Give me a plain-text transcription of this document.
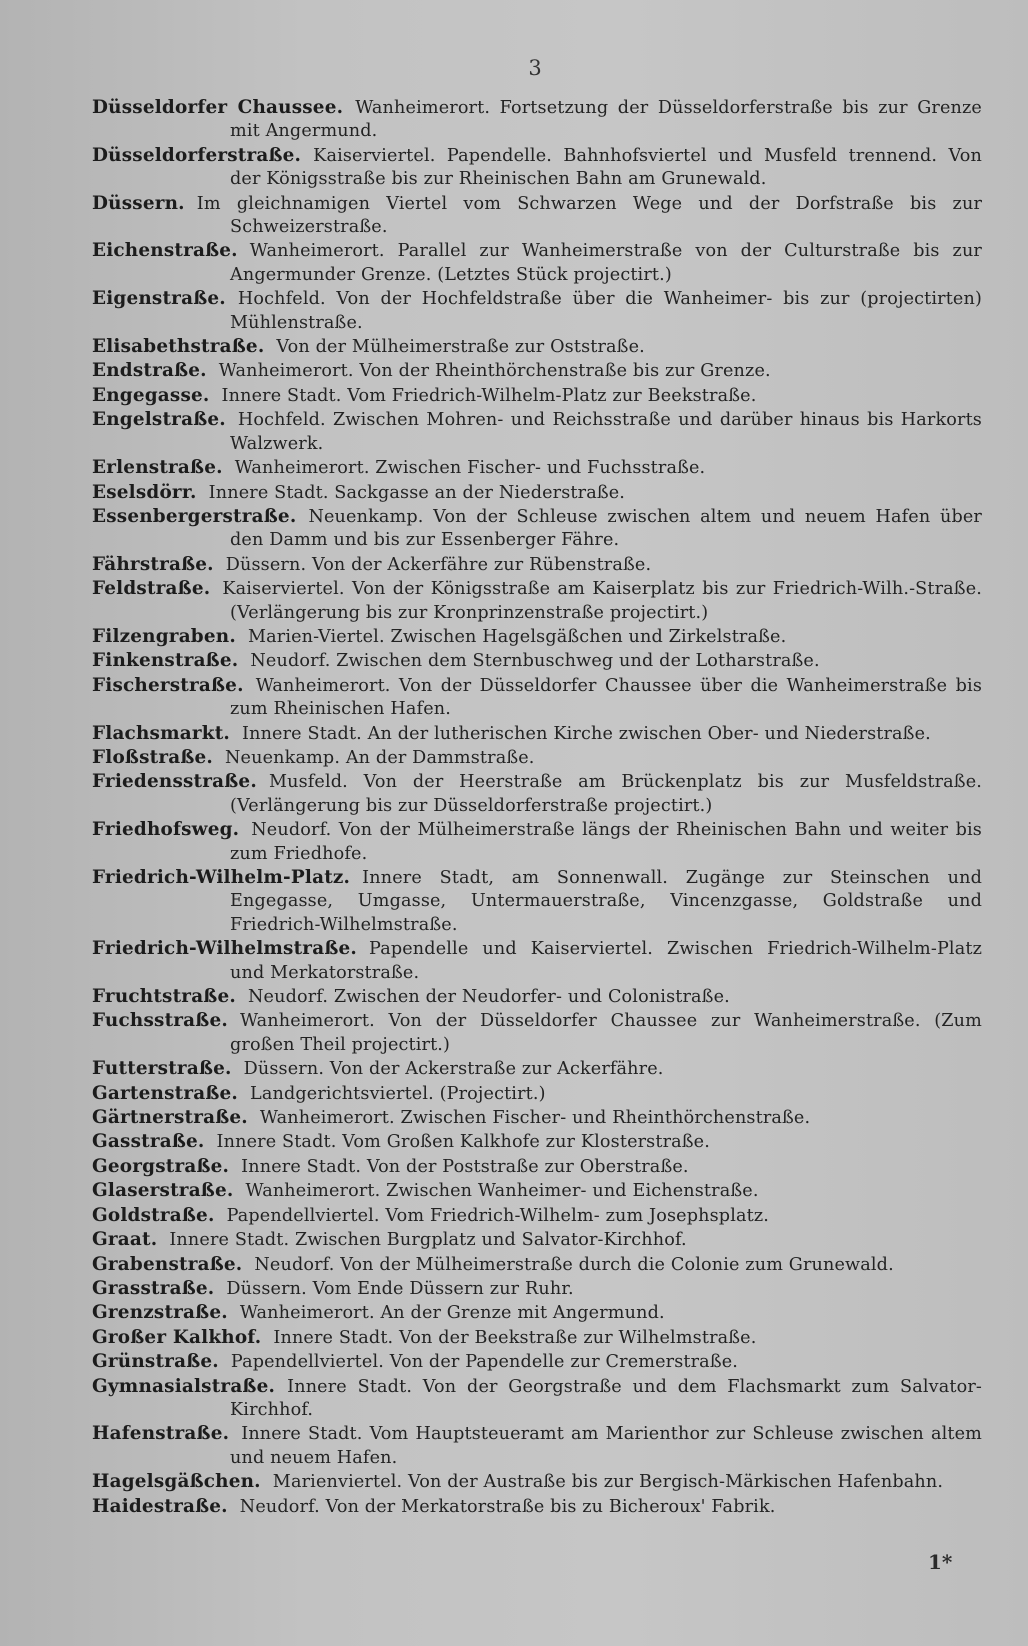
3

Düsseldorfer Chaussee. Wanheimerort. Fortsetzung der Düsseldorferstraße bis zur Grenze mit Angermund.

Düsseldorferstraße. Kaiserviertel. Papendelle. Bahnhofsviertel und Musfeld trennend. Von der Königsstraße bis zur Rheinischen Bahn am Grunewald.

Düssern. Im gleichnamigen Viertel vom Schwarzen Wege und der Dorfstraße bis zur Schweizerstraße.

Eichenstraße. Wanheimerort. Parallel zur Wanheimerstraße von der Culturstraße bis zur Angermunder Grenze. (Letztes Stück projectirt.)

Eigenstraße. Hochfeld. Von der Hochfeldstraße über die Wanheimer- bis zur (projectirten) Mühlenstraße.

Elisabethstraße. Von der Mülheimerstraße zur Oststraße.

Endstraße. Wanheimerort. Von der Rheinthörchenstraße bis zur Grenze.

Engegasse. Innere Stadt. Vom Friedrich-Wilhelm-Platz zur Beekstraße.

Engelstraße. Hochfeld. Zwischen Mohren- und Reichsstraße und darüber hinaus bis Harkorts Walzwerk.

Erlenstraße. Wanheimerort. Zwischen Fischer- und Fuchsstraße.

Eselsdörr. Innere Stadt. Sackgasse an der Niederstraße.

Essenbergerstraße. Neuenkamp. Von der Schleuse zwischen altem und neuem Hafen über den Damm und bis zur Essenberger Fähre.

Fährstraße. Düssern. Von der Ackerfähre zur Rübenstraße.

Feldstraße. Kaiserviertel. Von der Königsstraße am Kaiserplatz bis zur Friedrich-Wilh.-Straße. (Verlängerung bis zur Kronprinzenstraße projectirt.)

Filzengraben. Marien-Viertel. Zwischen Hagelsgäßchen und Zirkelstraße.

Finkenstraße. Neudorf. Zwischen dem Sternbuschweg und der Lotharstraße.

Fischerstraße. Wanheimerort. Von der Düsseldorfer Chaussee über die Wanheimerstraße bis zum Rheinischen Hafen.

Flachsmarkt. Innere Stadt. An der lutherischen Kirche zwischen Ober- und Niederstraße.

Floßstraße. Neuenkamp. An der Dammstraße.

Friedensstraße. Musfeld. Von der Heerstraße am Brückenplatz bis zur Musfeldstraße. (Verlängerung bis zur Düsseldorferstraße projectirt.)

Friedhofsweg. Neudorf. Von der Mülheimerstraße längs der Rheinischen Bahn und weiter bis zum Friedhofe.

Friedrich-Wilhelm-Platz. Innere Stadt, am Sonnenwall. Zugänge zur Steinschen und Engegasse, Umgasse, Untermauerstraße, Vincenzgasse, Goldstraße und Friedrich-Wilhelmstraße.

Friedrich-Wilhelmstraße. Papendelle und Kaiserviertel. Zwischen Friedrich-Wilhelm-Platz und Merkatorstraße.

Fruchtstraße. Neudorf. Zwischen der Neudorfer- und Colonistraße.

Fuchsstraße. Wanheimerort. Von der Düsseldorfer Chaussee zur Wanheimerstraße. (Zum großen Theil projectirt.)

Futterstraße. Düssern. Von der Ackerstraße zur Ackerfähre.

Gartenstraße. Landgerichtsviertel. (Projectirt.)

Gärtnerstraße. Wanheimerort. Zwischen Fischer- und Rheinthörchenstraße.

Gasstraße. Innere Stadt. Vom Großen Kalkhofe zur Klosterstraße.

Georgstraße. Innere Stadt. Von der Poststraße zur Oberstraße.

Glaserstraße. Wanheimerort. Zwischen Wanheimer- und Eichenstraße.

Goldstraße. Papendellviertel. Vom Friedrich-Wilhelm- zum Josephsplatz.

Graat. Innere Stadt. Zwischen Burgplatz und Salvator-Kirchhof.

Grabenstraße. Neudorf. Von der Mülheimerstraße durch die Colonie zum Grunewald.

Grasstraße. Düssern. Vom Ende Düssern zur Ruhr.

Grenzstraße. Wanheimerort. An der Grenze mit Angermund.

Großer Kalkhof. Innere Stadt. Von der Beekstraße zur Wilhelmstraße.

Grünstraße. Papendellviertel. Von der Papendelle zur Cremerstraße.

Gymnasialstraße. Innere Stadt. Von der Georgstraße und dem Flachsmarkt zum Salvator-Kirchhof.

Hafenstraße. Innere Stadt. Vom Hauptsteueramt am Marienthor zur Schleuse zwischen altem und neuem Hafen.

Hagelsgäßchen. Marienviertel. Von der Austraße bis zur Bergisch-Märkischen Hafenbahn.

Haidestraße. Neudorf. Von der Merkatorstraße bis zu Bicheroux' Fabrik.

1*
